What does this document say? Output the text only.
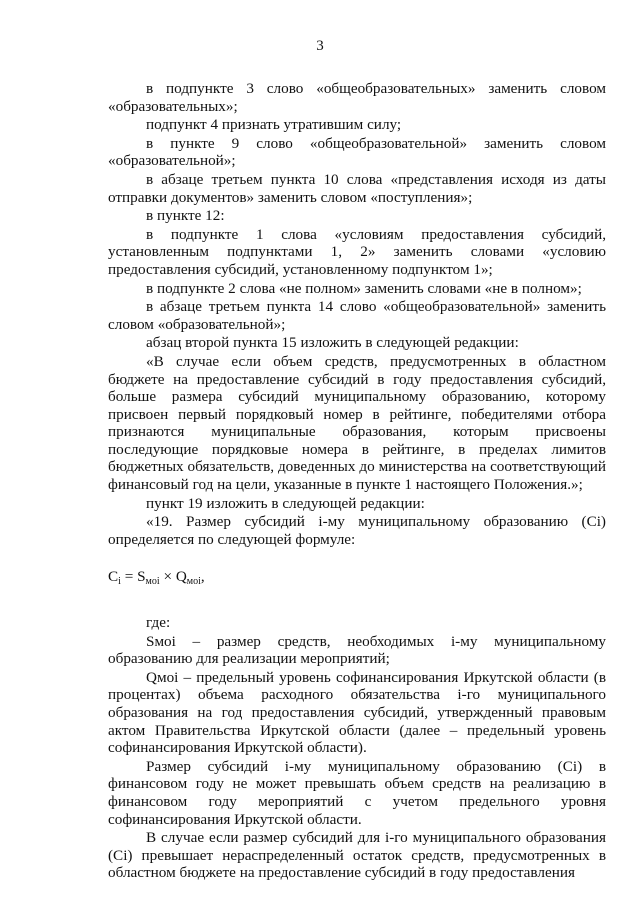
3

в подпункте 3 слово «общеобразовательных» заменить словом «образовательных»;

подпункт 4 признать утратившим силу;

в пункте 9 слово «общеобразовательной» заменить словом «образовательной»;

в абзаце третьем пункта 10 слова «представления исходя из даты отправки документов» заменить словом «поступления»;

в пункте 12:

в подпункте 1 слова «условиям предоставления субсидий, установленным подпунктами 1, 2» заменить словами «условию предоставления субсидий, установленному подпунктом 1»;

в подпункте 2 слова «не полном» заменить словами «не в полном»;

в абзаце третьем пункта 14 слово «общеобразовательной» заменить словом «образовательной»;

абзац второй пункта 15 изложить в следующей редакции:

«В случае если объем средств, предусмотренных в областном бюджете на предоставление субсидий в году предоставления субсидий, больше размера субсидий муниципальному образованию, которому присвоен первый порядковый номер в рейтинге, победителями отбора признаются муниципальные образования, которым присвоены последующие порядковые номера в рейтинге, в пределах лимитов бюджетных обязательств, доведенных до министерства на соответствующий финансовый год на цели, указанные в пункте 1 настоящего Положения.»;

пункт 19 изложить в следующей редакции:

«19. Размер субсидий i-му муниципальному образованию (Ci) определяется по следующей формуле:

$C_i = S_{мoi} \times Q_{мoi}$,

где:

Sмoi – размер средств, необходимых i-му муниципальному образованию для реализации мероприятий;

Qмoi – предельный уровень софинансирования Иркутской области (в процентах) объема расходного обязательства i-го муниципального образования на год предоставления субсидий, утвержденный правовым актом Правительства Иркутской области (далее – предельный уровень софинансирования Иркутской области).

Размер субсидий i-му муниципальному образованию (Ci) в финансовом году не может превышать объем средств на реализацию в финансовом году мероприятий с учетом предельного уровня софинансирования Иркутской области.

В случае если размер субсидий для i-го муниципального образования (Ci) превышает нераспределенный остаток средств, предусмотренных в областном бюджете на предоставление субсидий в году предоставления
